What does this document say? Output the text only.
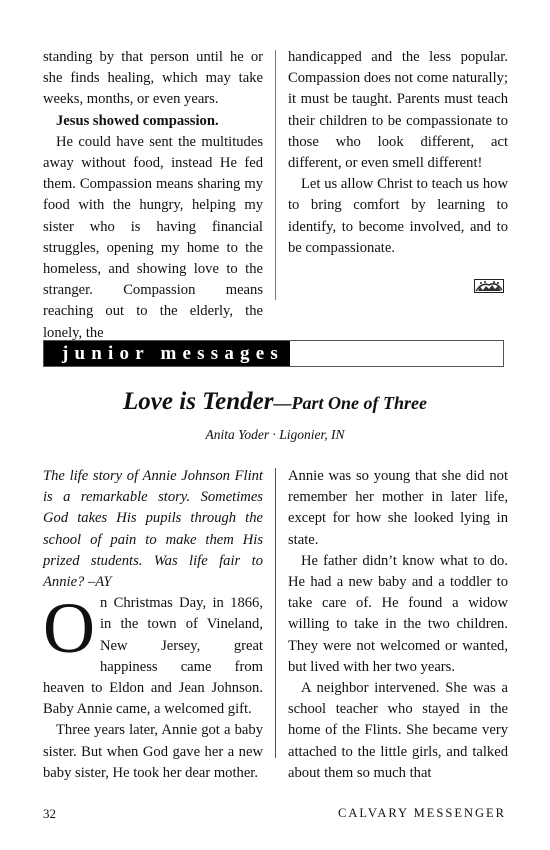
standing by that person until he or she finds healing, which may take weeks, months, or even years.

Jesus showed compassion.

He could have sent the multitudes away without food, instead He fed them. Compassion means sharing my food with the hungry, helping my sister who is having financial struggles, opening my home to the homeless, and showing love to the stranger. Compassion means reaching out to the elderly, the lonely, the

handicapped and the less popular. Compassion does not come naturally; it must be taught. Parents must teach their children to be compassionate to those who look different, act different, or even smell different!

Let us allow Christ to teach us how to bring comfort by learning to identify, to become involved, and to be compassionate.

junior messages
Love is Tender—Part One of Three
Anita Yoder · Ligonier, IN

The life story of Annie Johnson Flint is a remarkable story. Sometimes God takes His pupils through the school of pain to make them His prized students. Was life fair to Annie? –AY

On Christmas Day, in 1866, in the town of Vineland, New Jersey, great happiness came from heaven to Eldon and Jean Johnson. Baby Annie came, a welcomed gift.

Three years later, Annie got a baby sister. But when God gave her a new baby sister, He took her dear mother.

Annie was so young that she did not remember her mother in later life, except for how she looked lying in state.

He father didn’t know what to do. He had a new baby and a toddler to take care of. He found a widow willing to take in the two children. They were not welcomed or wanted, but lived with her two years.

A neighbor intervened. She was a school teacher who stayed in the home of the Flints. She became very attached to the little girls, and talked about them so much that

32	CALVARY MESSENGER
